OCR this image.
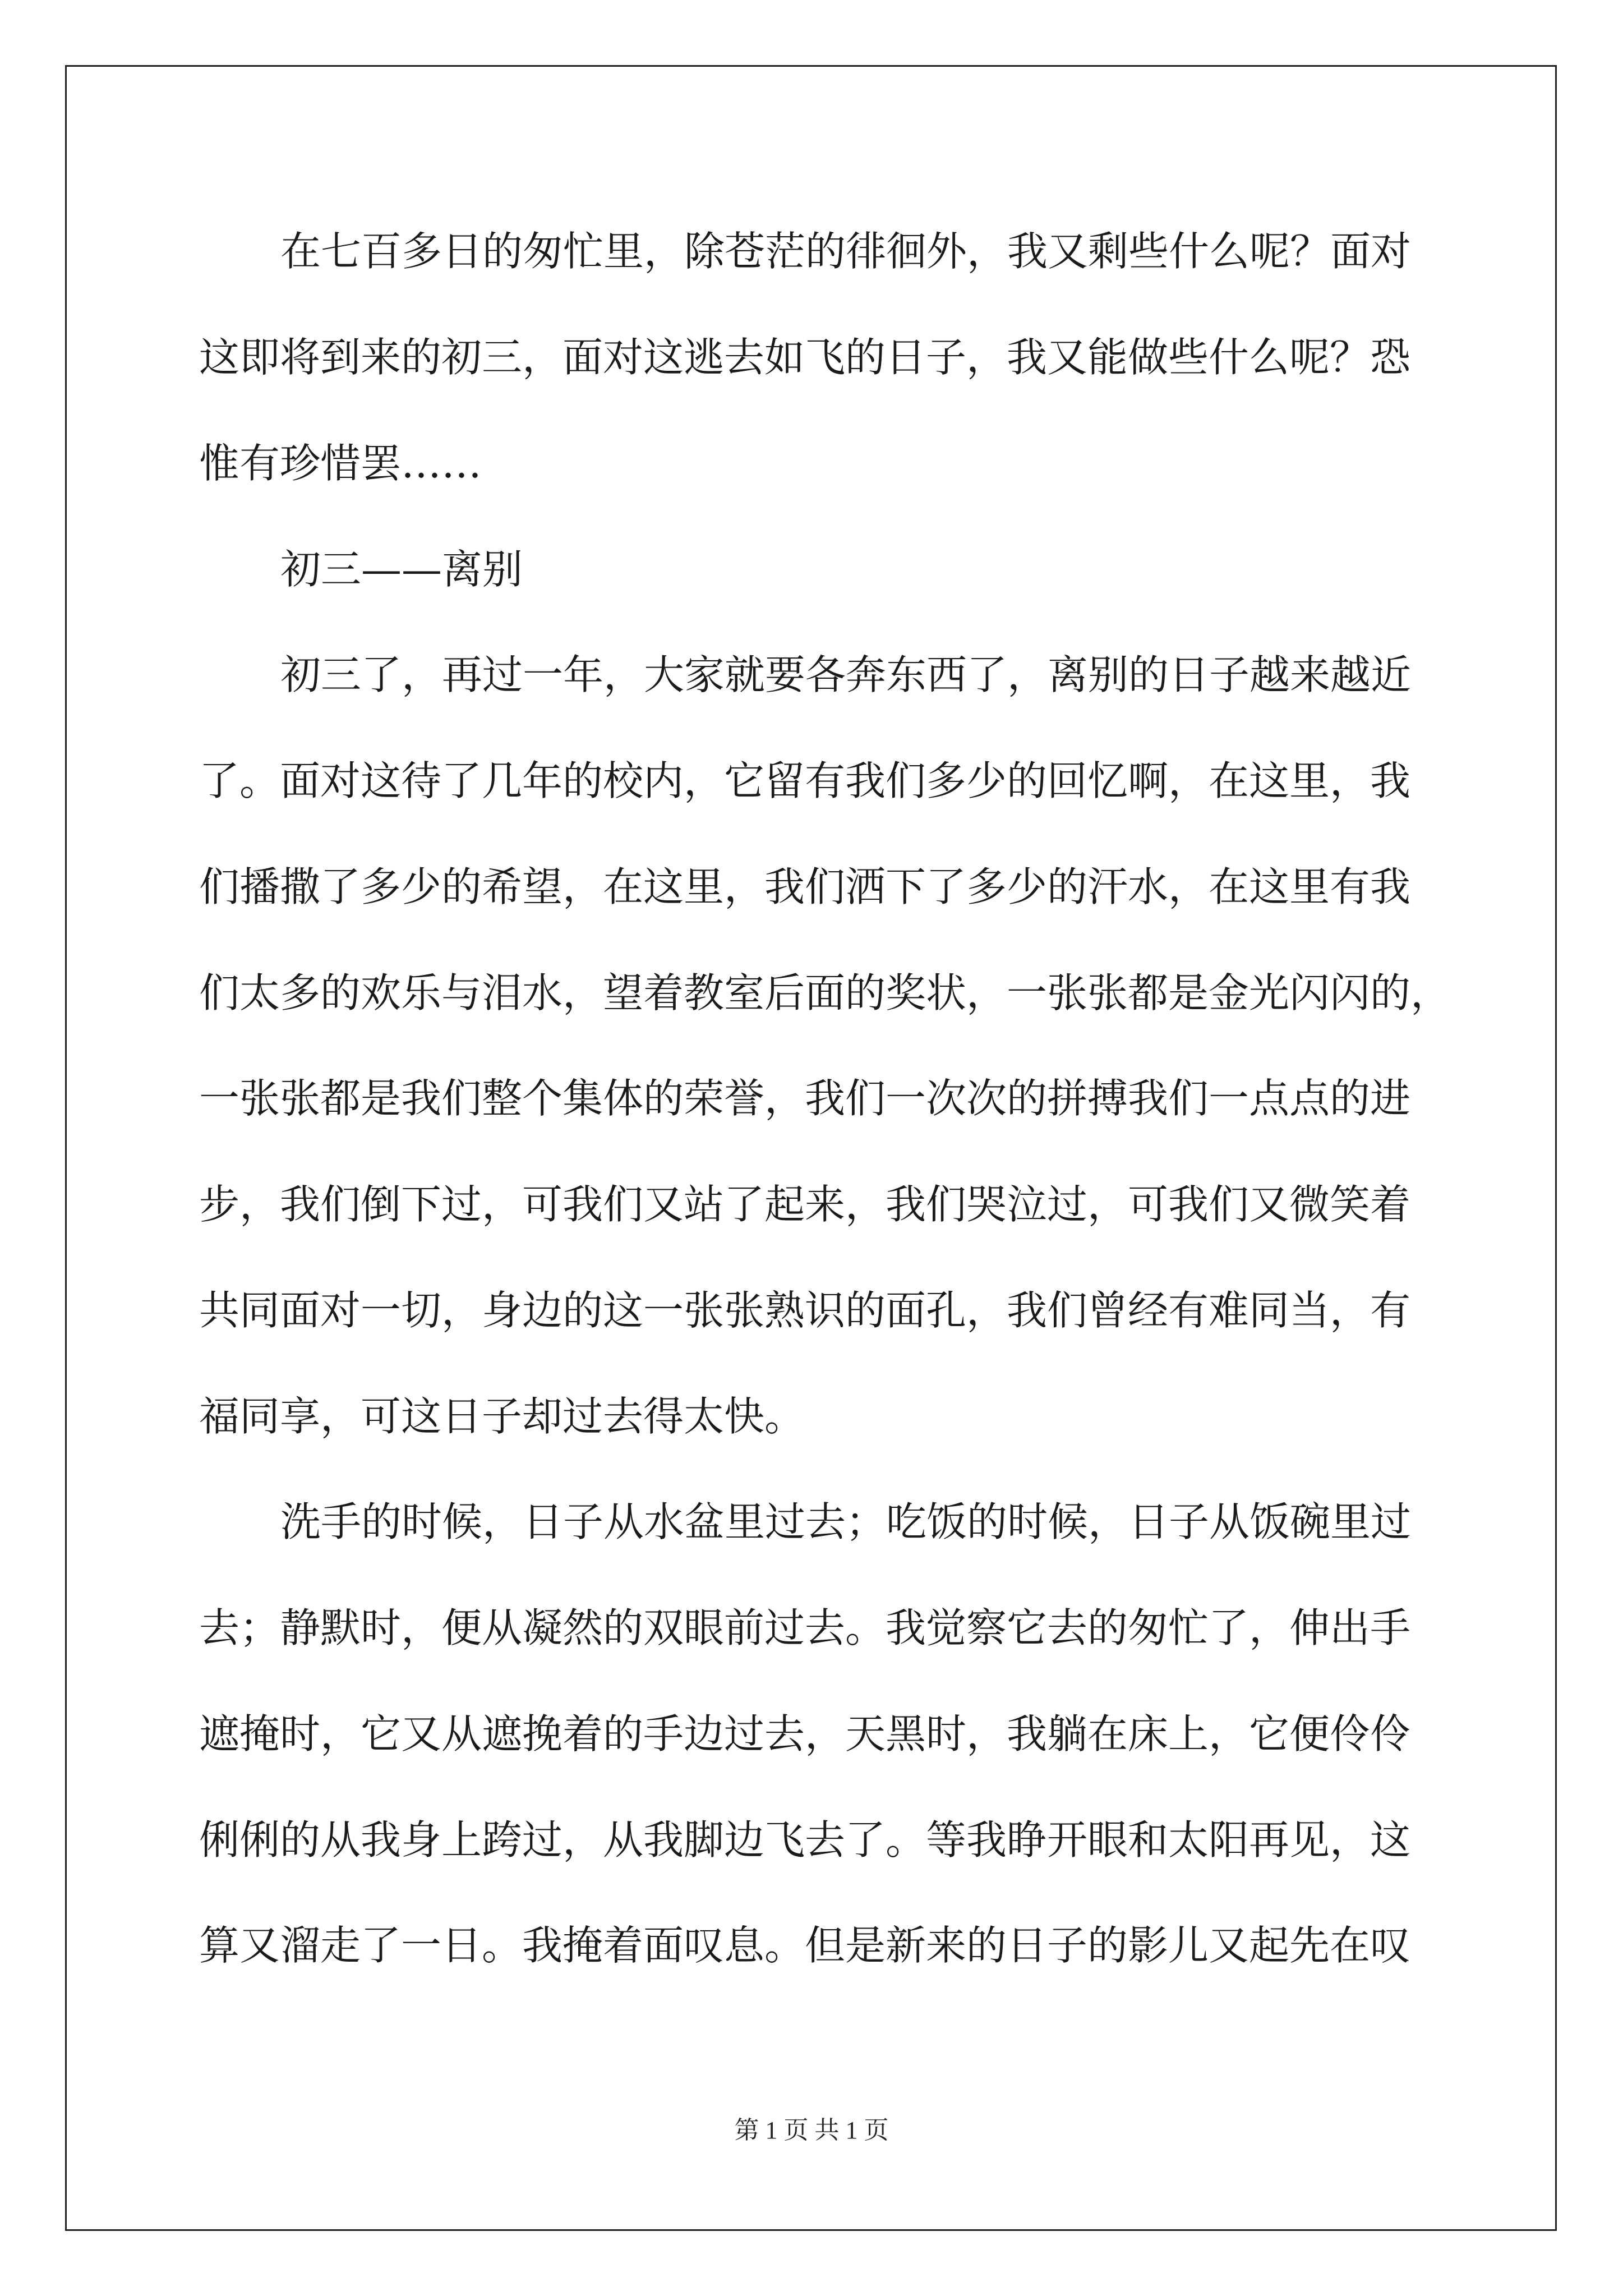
在七百多日的匆忙里，除苍茫的徘徊外，我又剩些什么呢？面对
这即将到来的初三，面对这逃去如飞的日子，我又能做些什么呢？恐
惟有珍惜罢……
初三——离别
初三了，再过一年，大家就要各奔东西了，离别的日子越来越近
了。面对这待了几年的校内，它留有我们多少的回忆啊，在这里，我
们播撒了多少的希望，在这里，我们洒下了多少的汗水，在这里有我
们太多的欢乐与泪水，望着教室后面的奖状，一张张都是金光闪闪的，
一张张都是我们整个集体的荣誉，我们一次次的拼搏我们一点点的进
步，我们倒下过，可我们又站了起来，我们哭泣过，可我们又微笑着
共同面对一切，身边的这一张张熟识的面孔，我们曾经有难同当，有
福同享，可这日子却过去得太快。
洗手的时候，日子从水盆里过去；吃饭的时候，日子从饭碗里过
去；静默时，便从凝然的双眼前过去。我觉察它去的匆忙了，伸出手
遮掩时，它又从遮挽着的手边过去，天黑时，我躺在床上，它便伶伶
俐俐的从我身上跨过，从我脚边飞去了。等我睁开眼和太阳再见，这
算又溜走了一日。我掩着面叹息。但是新来的日子的影儿又起先在叹
第 1 页 共 1 页
